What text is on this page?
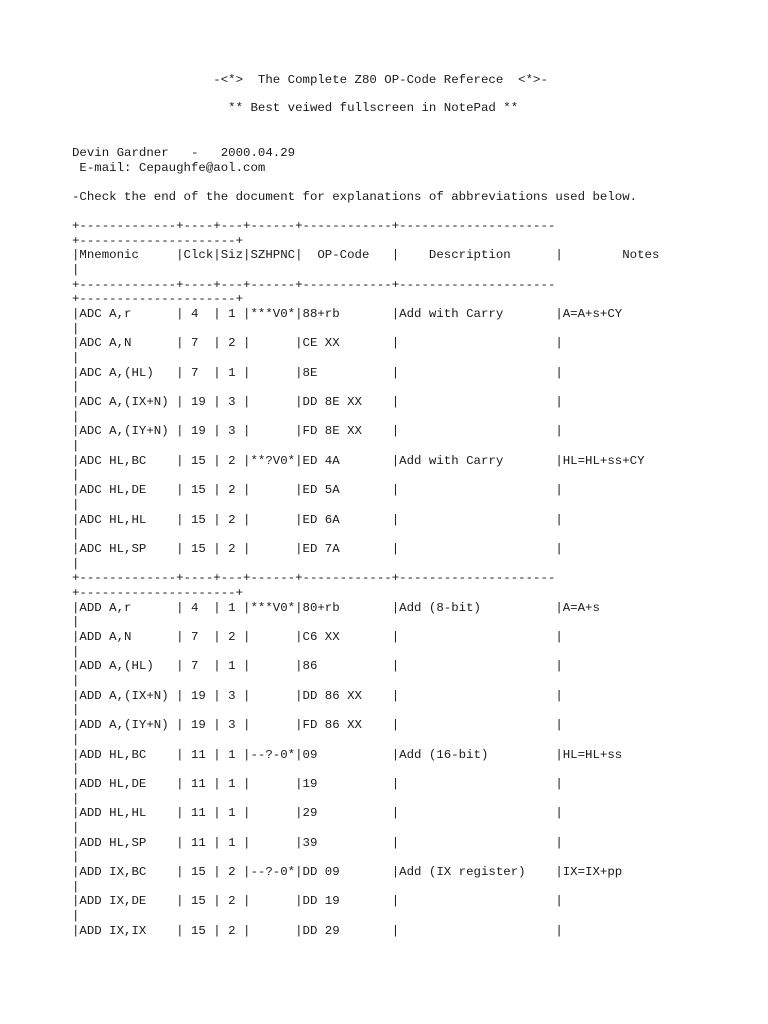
-<*>  The Complete Z80 OP-Code Referece  <*>-
** Best veiwed fullscreen in NotePad **
Devin Gardner   -   2000.04.29
E-mail: Cepaughfe@aol.com
-Check the end of the document for explanations of abbreviations used below.
+-------------+----+---+------+------------+---------------------
+---------------------+
|Mnemonic     |Clck|Siz|SZHPNC|  OP-Code   |    Description      |        Notes
|
+-------------+----+---+------+------------+---------------------
+---------------------+
|ADC A,r      | 4  | 1 |***V0*|88+rb       |Add with Carry       |A=A+s+CY
|
|ADC A,N      | 7  | 2 |      |CE XX       |                     |
|
|ADC A,(HL)   | 7  | 1 |      |8E          |                     |
|
|ADC A,(IX+N) | 19 | 3 |      |DD 8E XX    |                     |
|
|ADC A,(IY+N) | 19 | 3 |      |FD 8E XX    |                     |
|
|ADC HL,BC    | 15 | 2 |**?V0*|ED 4A       |Add with Carry       |HL=HL+ss+CY
|
|ADC HL,DE    | 15 | 2 |      |ED 5A       |                     |
|
|ADC HL,HL    | 15 | 2 |      |ED 6A       |                     |
|
|ADC HL,SP    | 15 | 2 |      |ED 7A       |                     |
|
+-------------+----+---+------+------------+---------------------
+---------------------+
|ADD A,r      | 4  | 1 |***V0*|80+rb       |Add (8-bit)          |A=A+s
|
|ADD A,N      | 7  | 2 |      |C6 XX       |                     |
|
|ADD A,(HL)   | 7  | 1 |      |86          |                     |
|
|ADD A,(IX+N) | 19 | 3 |      |DD 86 XX    |                     |
|
|ADD A,(IY+N) | 19 | 3 |      |FD 86 XX    |                     |
|
|ADD HL,BC    | 11 | 1 |--?-0*|09          |Add (16-bit)         |HL=HL+ss
|
|ADD HL,DE    | 11 | 1 |      |19          |                     |
|
|ADD HL,HL    | 11 | 1 |      |29          |                     |
|
|ADD HL,SP    | 11 | 1 |      |39          |                     |
|
|ADD IX,BC    | 15 | 2 |--?-0*|DD 09       |Add (IX register)    |IX=IX+pp
|
|ADD IX,DE    | 15 | 2 |      |DD 19       |                     |
|
|ADD IX,IX    | 15 | 2 |      |DD 29       |                     |
